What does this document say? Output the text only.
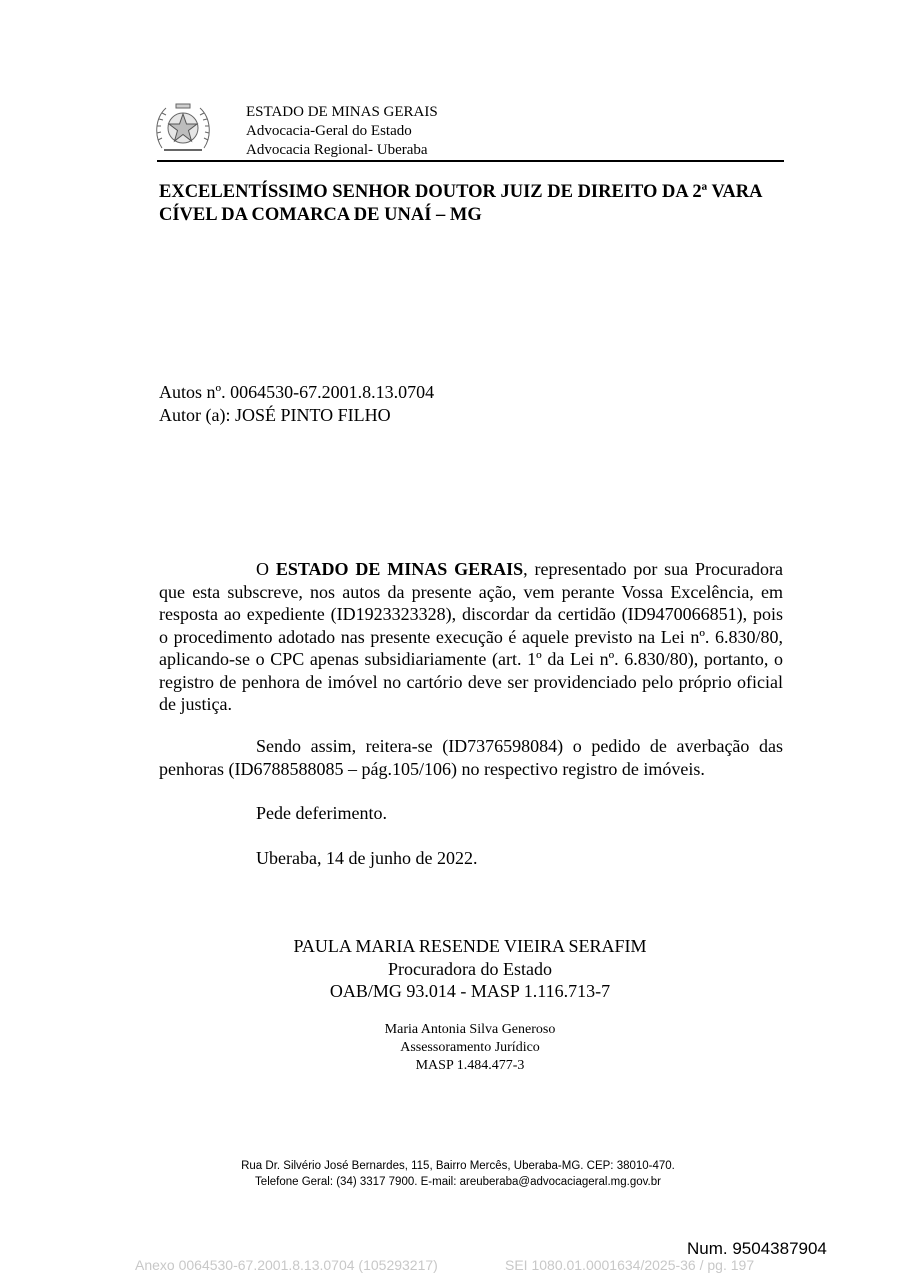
ESTADO DE MINAS GERAIS
Advocacia-Geral do Estado
Advocacia Regional- Uberaba
EXCELENTÍSSIMO SENHOR DOUTOR JUIZ DE DIREITO DA 2ª VARA CÍVEL DA COMARCA DE UNAÍ – MG
Autos nº. 0064530-67.2001.8.13.0704
Autor (a): JOSÉ PINTO FILHO
O ESTADO DE MINAS GERAIS, representado por sua Procuradora que esta subscreve, nos autos da presente ação, vem perante Vossa Excelência, em resposta ao expediente (ID1923323328), discordar da certidão (ID9470066851), pois o procedimento adotado nas presente execução é aquele previsto na Lei nº. 6.830/80, aplicando-se o CPC apenas subsidiariamente (art. 1º da Lei nº. 6.830/80), portanto, o registro de penhora de imóvel no cartório deve ser providenciado pelo próprio oficial de justiça.
Sendo assim, reitera-se (ID7376598084) o pedido de averbação das penhoras (ID6788588085 – pág.105/106) no respectivo registro de imóveis.
Pede deferimento.
Uberaba, 14 de junho de 2022.
PAULA MARIA RESENDE VIEIRA SERAFIM
Procuradora do Estado
OAB/MG 93.014 - MASP 1.116.713-7
Maria Antonia Silva Generoso
Assessoramento Jurídico
MASP 1.484.477-3
Rua Dr. Silvério José Bernardes, 115, Bairro Mercês, Uberaba-MG. CEP: 38010-470.
Telefone Geral: (34) 3317 7900. E-mail: areuberaba@advocaciageral.mg.gov.br
Num. 9504387904
Anexo 0064530-67.2001.8.13.0704 (105293217)	SEI 1080.01.0001634/2025-36 / pg. 197
